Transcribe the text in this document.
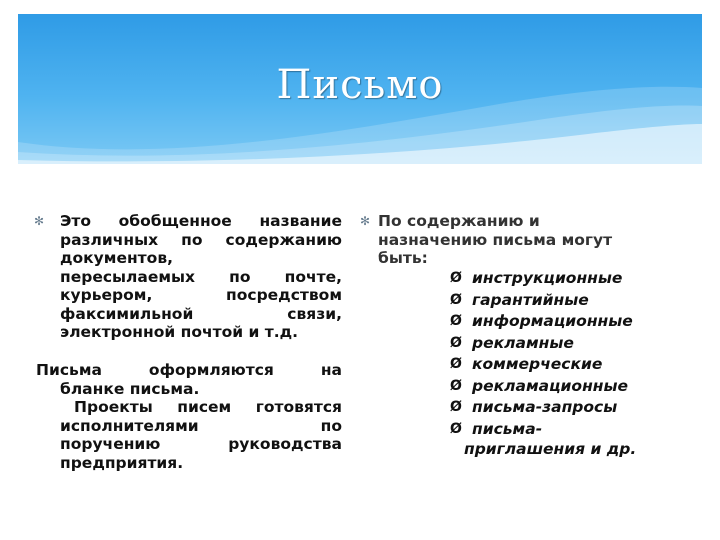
Письмо
✻ Это обобщенное название

различных по содержанию

документов,

пересылаемых по почте,

курьером, посредством

факсимильной связи,

электронной почтой и т.д.

Письма оформляются на

бланке письма.

Проекты писем готовятся

исполнителями по

поручению руководства

предприятия.

✻ По содержанию и

назначению письма могут

быть:

Ø инструкционные
Ø гарантийные
Ø информационные
Ø рекламные
Ø коммерческие
Ø рекламационные
Ø письма-запросы
Ø письма-
приглашения и др.
